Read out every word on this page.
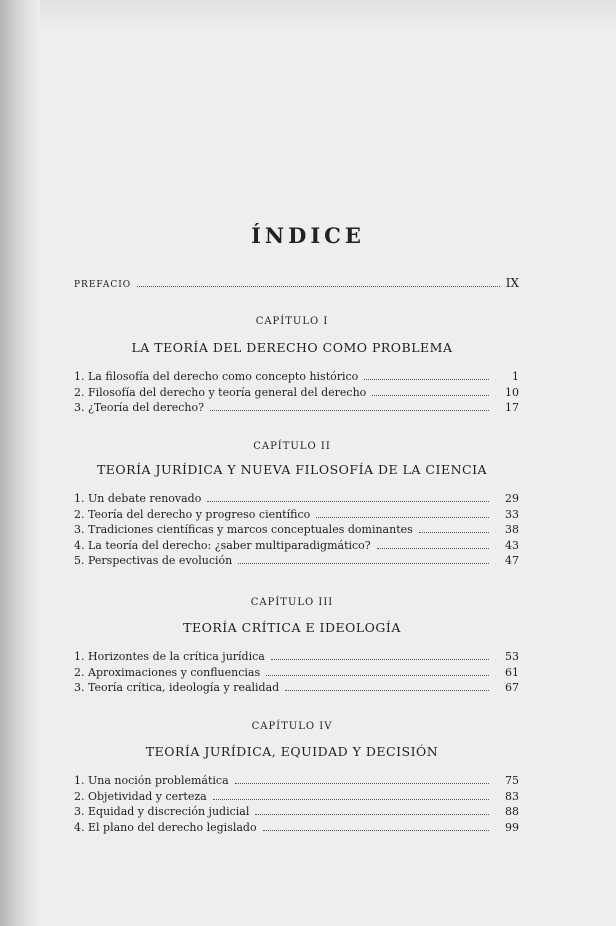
ÍNDICE
PREFACIO	IX
CAPÍTULO I
LA TEORÍA DEL DERECHO COMO PROBLEMA
1. La filosofía del derecho como concepto histórico	1
2. Filosofía del derecho y teoría general del derecho	10
3. ¿Teoría del derecho?	17
CAPÍTULO II
TEORÍA JURÍDICA Y NUEVA FILOSOFÍA DE LA CIENCIA
1. Un debate renovado	29
2. Teoría del derecho y progreso científico	33
3. Tradiciones científicas y marcos conceptuales dominantes	38
4. La teoría del derecho: ¿saber multiparadigmático?	43
5. Perspectivas de evolución	47
CAPÍTULO III
TEORÍA CRÍTICA E IDEOLOGÍA
1. Horizontes de la crítica jurídica	53
2. Aproximaciones y confluencias	61
3. Teoría crítica, ideología y realidad	67
CAPÍTULO IV
TEORÍA JURÍDICA, EQUIDAD Y DECISIÓN
1. Una noción problemática	75
2. Objetividad y certeza	83
3. Equidad y discreción judicial	88
4. El plano del derecho legislado	99
